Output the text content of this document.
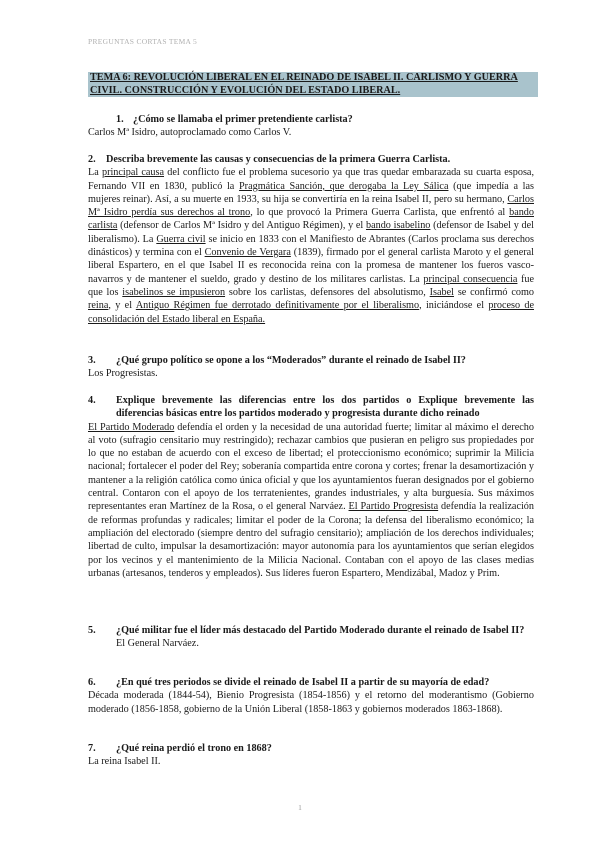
PREGUNTAS CORTAS TEMA 5
TEMA 6: REVOLUCIÓN LIBERAL EN EL REINADO DE ISABEL II. CARLISMO Y GUERRA CIVIL. CONSTRUCCIÓN Y EVOLUCIÓN DEL ESTADO LIBERAL.
1. ¿Cómo se llamaba el primer pretendiente carlista?
Carlos Mª Isidro, autoproclamado como Carlos V.
2.	Describa brevemente las causas y consecuencias de la primera Guerra Carlista.
La principal causa del conflicto fue el problema sucesorio ya que tras quedar embarazada su cuarta esposa, Fernando VII en 1830, publicó la Pragmática Sanción, que derogaba la Ley Sálica (que impedía a las mujeres reinar). Así, a su muerte en 1933, su hija se convertiría en la reina Isabel II, pero su hermano, Carlos Mª Isidro perdía sus derechos al trono, lo que provocó la Primera Guerra Carlista, que enfrentó al bando carlista (defensor de Carlos Mª Isidro y del Antiguo Régimen), y el bando isabelino (defensor de Isabel y del liberalismo). La Guerra civil se inicio en 1833 con el Manifiesto de Abrantes (Carlos proclama sus derechos dinásticos) y termina con el Convenio de Vergara (1839), firmado por el general carlista Maroto y el general liberal Espartero, en el que Isabel II es reconocida reina con la promesa de mantener los fueros vasco-navarros y de mantener el sueldo, grado y destino de los militares carlistas. La principal consecuencia fue que los isabelinos se impusieron sobre los carlistas, defensores del absolutismo, Isabel se confirmó como reina, y el Antiguo Régimen fue derrotado definitivamente por el liberalismo, iniciándose el proceso de consolidación del Estado liberal en España.
3.	¿Qué grupo político se opone a los “Moderados” durante el reinado de Isabel II?
Los Progresistas.
4.	Explique brevemente las diferencias entre los dos partidos o Explique brevemente las diferencias básicas entre los partidos moderado y progresista durante dicho reinado
El Partido Moderado defendía el orden y la necesidad de una autoridad fuerte; limitar al máximo el derecho al voto (sufragio censitario muy restringido); rechazar cambios que pusieran en peligro sus propiedades por lo que no estaban de acuerdo con el exceso de libertad; el proteccionismo económico; suprimir la Milicia nacional; fortalecer el poder del Rey; soberanía compartida entre corona y cortes; frenar la desamortización y mantener a la religión católica como única oficial y que los ayuntamientos fueran designados por el gobierno central. Contaron con el apoyo de los terratenientes, grandes industriales, y alta burguesía. Sus máximos representantes eran Martínez de la Rosa, o el general Narváez. El Partido Progresista defendía la realización de reformas profundas y radicales; limitar el poder de la Corona; la defensa del liberalismo económico; la ampliación del electorado (siempre dentro del sufragio censitario); ampliación de los derechos individuales; libertad de culto, impulsar la desamortización: mayor autonomía para los ayuntamientos que serían elegidos por los vecinos y el mantenimiento de la Milicia Nacional. Contaban con el apoyo de las clases medias urbanas (artesanos, tenderos y empleados). Sus líderes fueron Espartero, Mendizábal, Madoz y Prim.
5.	¿Qué militar fue el líder más destacado del Partido Moderado durante el reinado de Isabel II?
El General Narváez.
6.	¿En qué tres periodos se divide el reinado de Isabel II a partir de su mayoría de edad?
Década moderada (1844-54), Bienio Progresista (1854-1856) y el retorno del moderantismo (Gobierno moderado (1856-1858, gobierno de la Unión Liberal (1858-1863 y gobiernos moderados 1863-1868).
7.	¿Qué reina perdió el trono en 1868?
La reina Isabel II.
1
